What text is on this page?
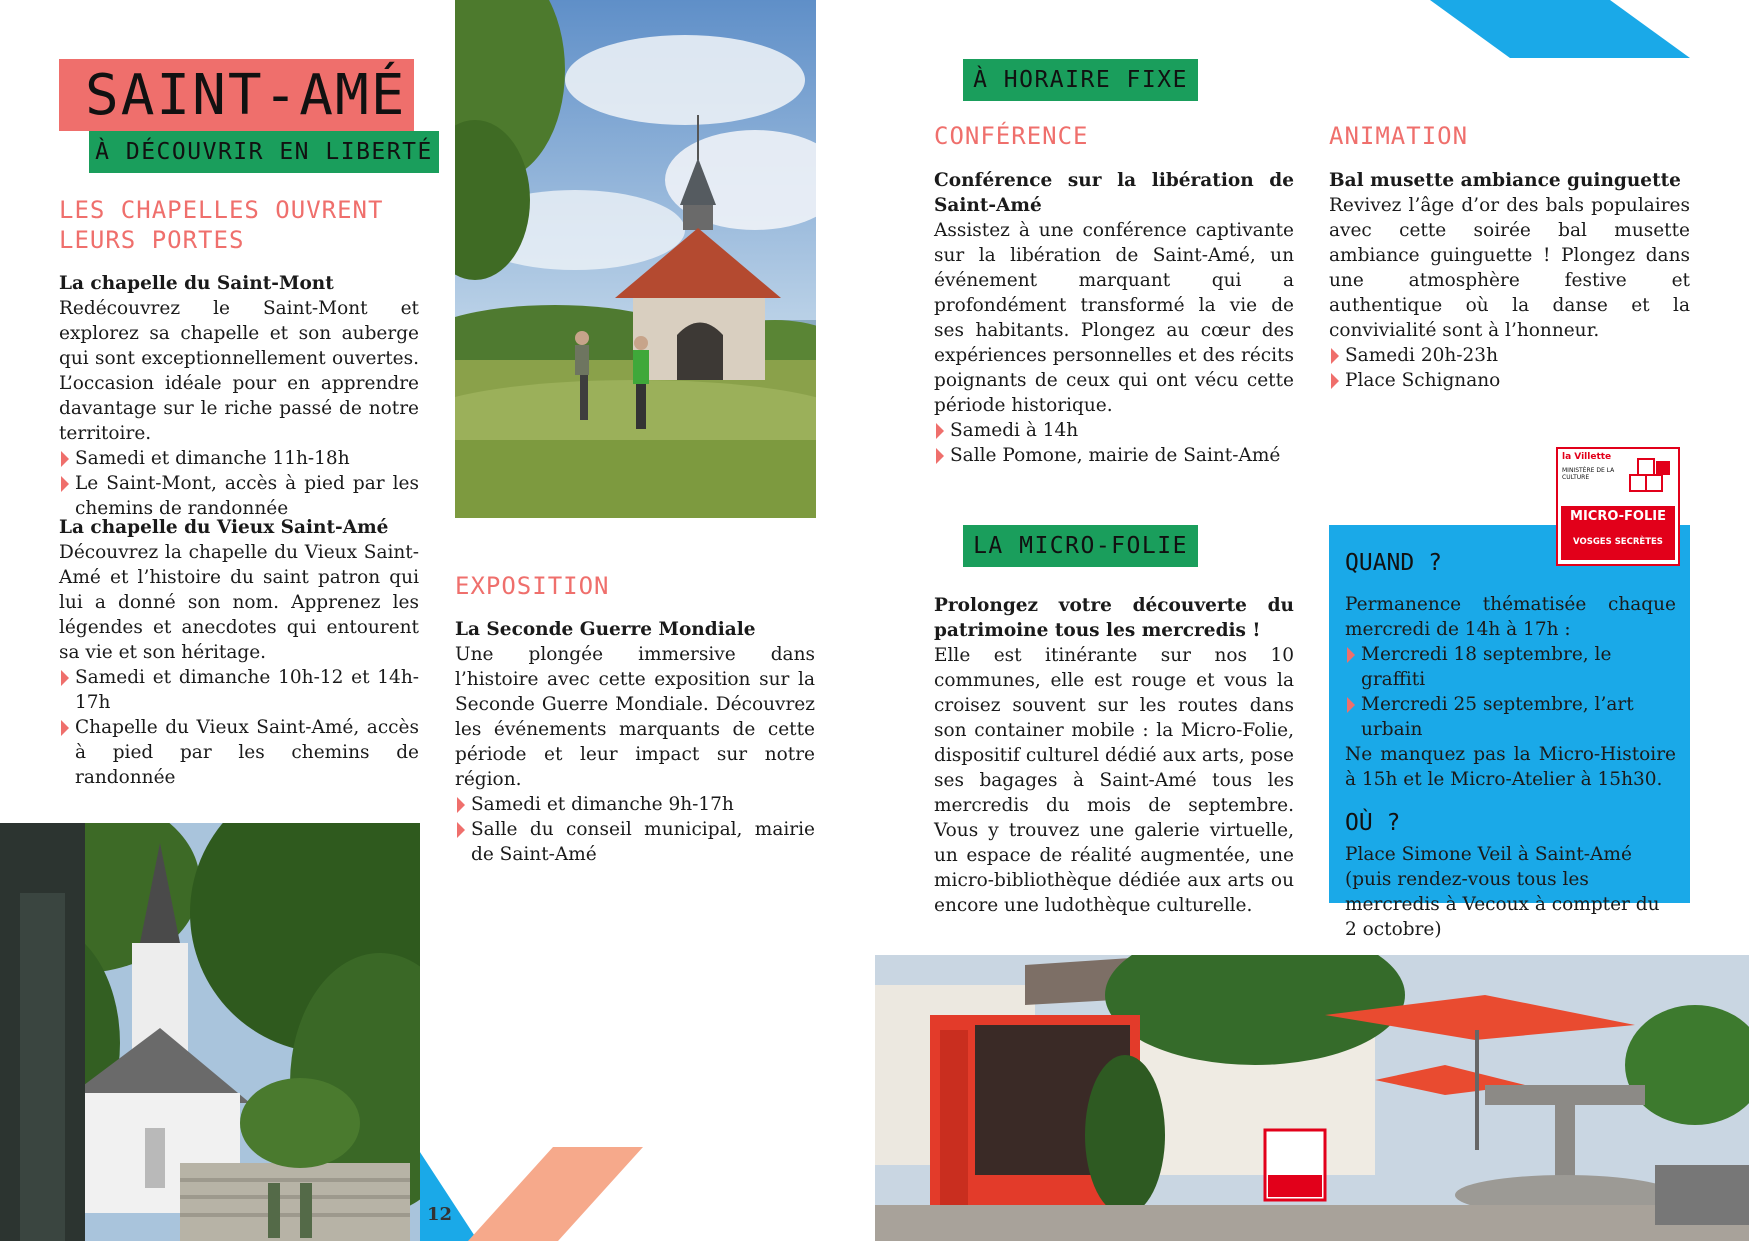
SAINT-AMÉ
À DÉCOUVRIR EN LIBERTÉ
LES CHAPELLES OUVRENT
LEURS PORTES
La chapelle du Saint-Mont
Redécouvrez le Saint-Mont et explorez sa chapelle et son auberge qui sont exceptionnellement ouvertes. L’occasion idéale pour en apprendre davantage sur le riche passé de notre territoire.
Samedi et dimanche 11h-18h
Le Saint-Mont, accès à pied par les chemins de randonnée
La chapelle du Vieux Saint-Amé
Découvrez la chapelle du Vieux Saint-Amé et l’histoire du saint patron qui lui a donné son nom. Apprenez les légendes et anecdotes qui entourent sa vie et son héritage.
Samedi et dimanche 10h-12 et 14h-17h
Chapelle du Vieux Saint-Amé, accès à pied par les chemins de randonnée
EXPOSITION
La Seconde Guerre Mondiale
Une plongée immersive dans l’histoire avec cette exposition sur la Seconde Guerre Mondiale. Découvrez les événements marquants de cette période et leur impact sur notre région.
Samedi et dimanche 9h-17h
Salle du conseil municipal, mairie de Saint-Amé
12
À HORAIRE FIXE
CONFÉRENCE
Conférence sur la libération de Saint-Amé
Assistez à une conférence captivante sur la libération de Saint-Amé, un événement marquant qui a profondément transformé la vie de ses habitants. Plongez au cœur des expériences personnelles et des récits poignants de ceux qui ont vécu cette période historique.
Samedi à 14h
Salle Pomone, mairie de Saint-Amé
ANIMATION
Bal musette ambiance guinguette
Revivez l’âge d’or des bals populaires avec cette soirée bal musette ambiance guinguette ! Plongez dans une atmosphère festive et authentique où la danse et la convivialité sont à l’honneur.
Samedi 20h-23h
Place Schignano
LA MICRO-FOLIE
Prolongez votre découverte du patrimoine tous les mercredis !
Elle est itinérante sur nos 10 communes, elle est rouge et vous la croisez souvent sur les routes dans son container mobile : la Micro-Folie, dispositif culturel dédié aux arts, pose ses bagages à Saint-Amé tous les mercredis du mois de septembre. Vous y trouvez une galerie virtuelle, un espace de réalité augmentée, une micro-bibliothèque dédiée aux arts ou encore une ludothèque culturelle.
QUAND ?
Permanence thématisée chaque mercredi de 14h à 17h :
Mercredi 18 septembre, le graffiti
Mercredi 25 septembre, l’art urbain
Ne manquez pas la Micro-Histoire à 15h et le Micro-Atelier à 15h30.
OÙ ?
Place Simone Veil à Saint-Amé (puis rendez-vous tous les mercredis à Vecoux à compter du 2 octobre)
la Villette
MINISTÈRE DE LA CULTURE
MICRO-FOLIE
VOSGES SECRÈTES
